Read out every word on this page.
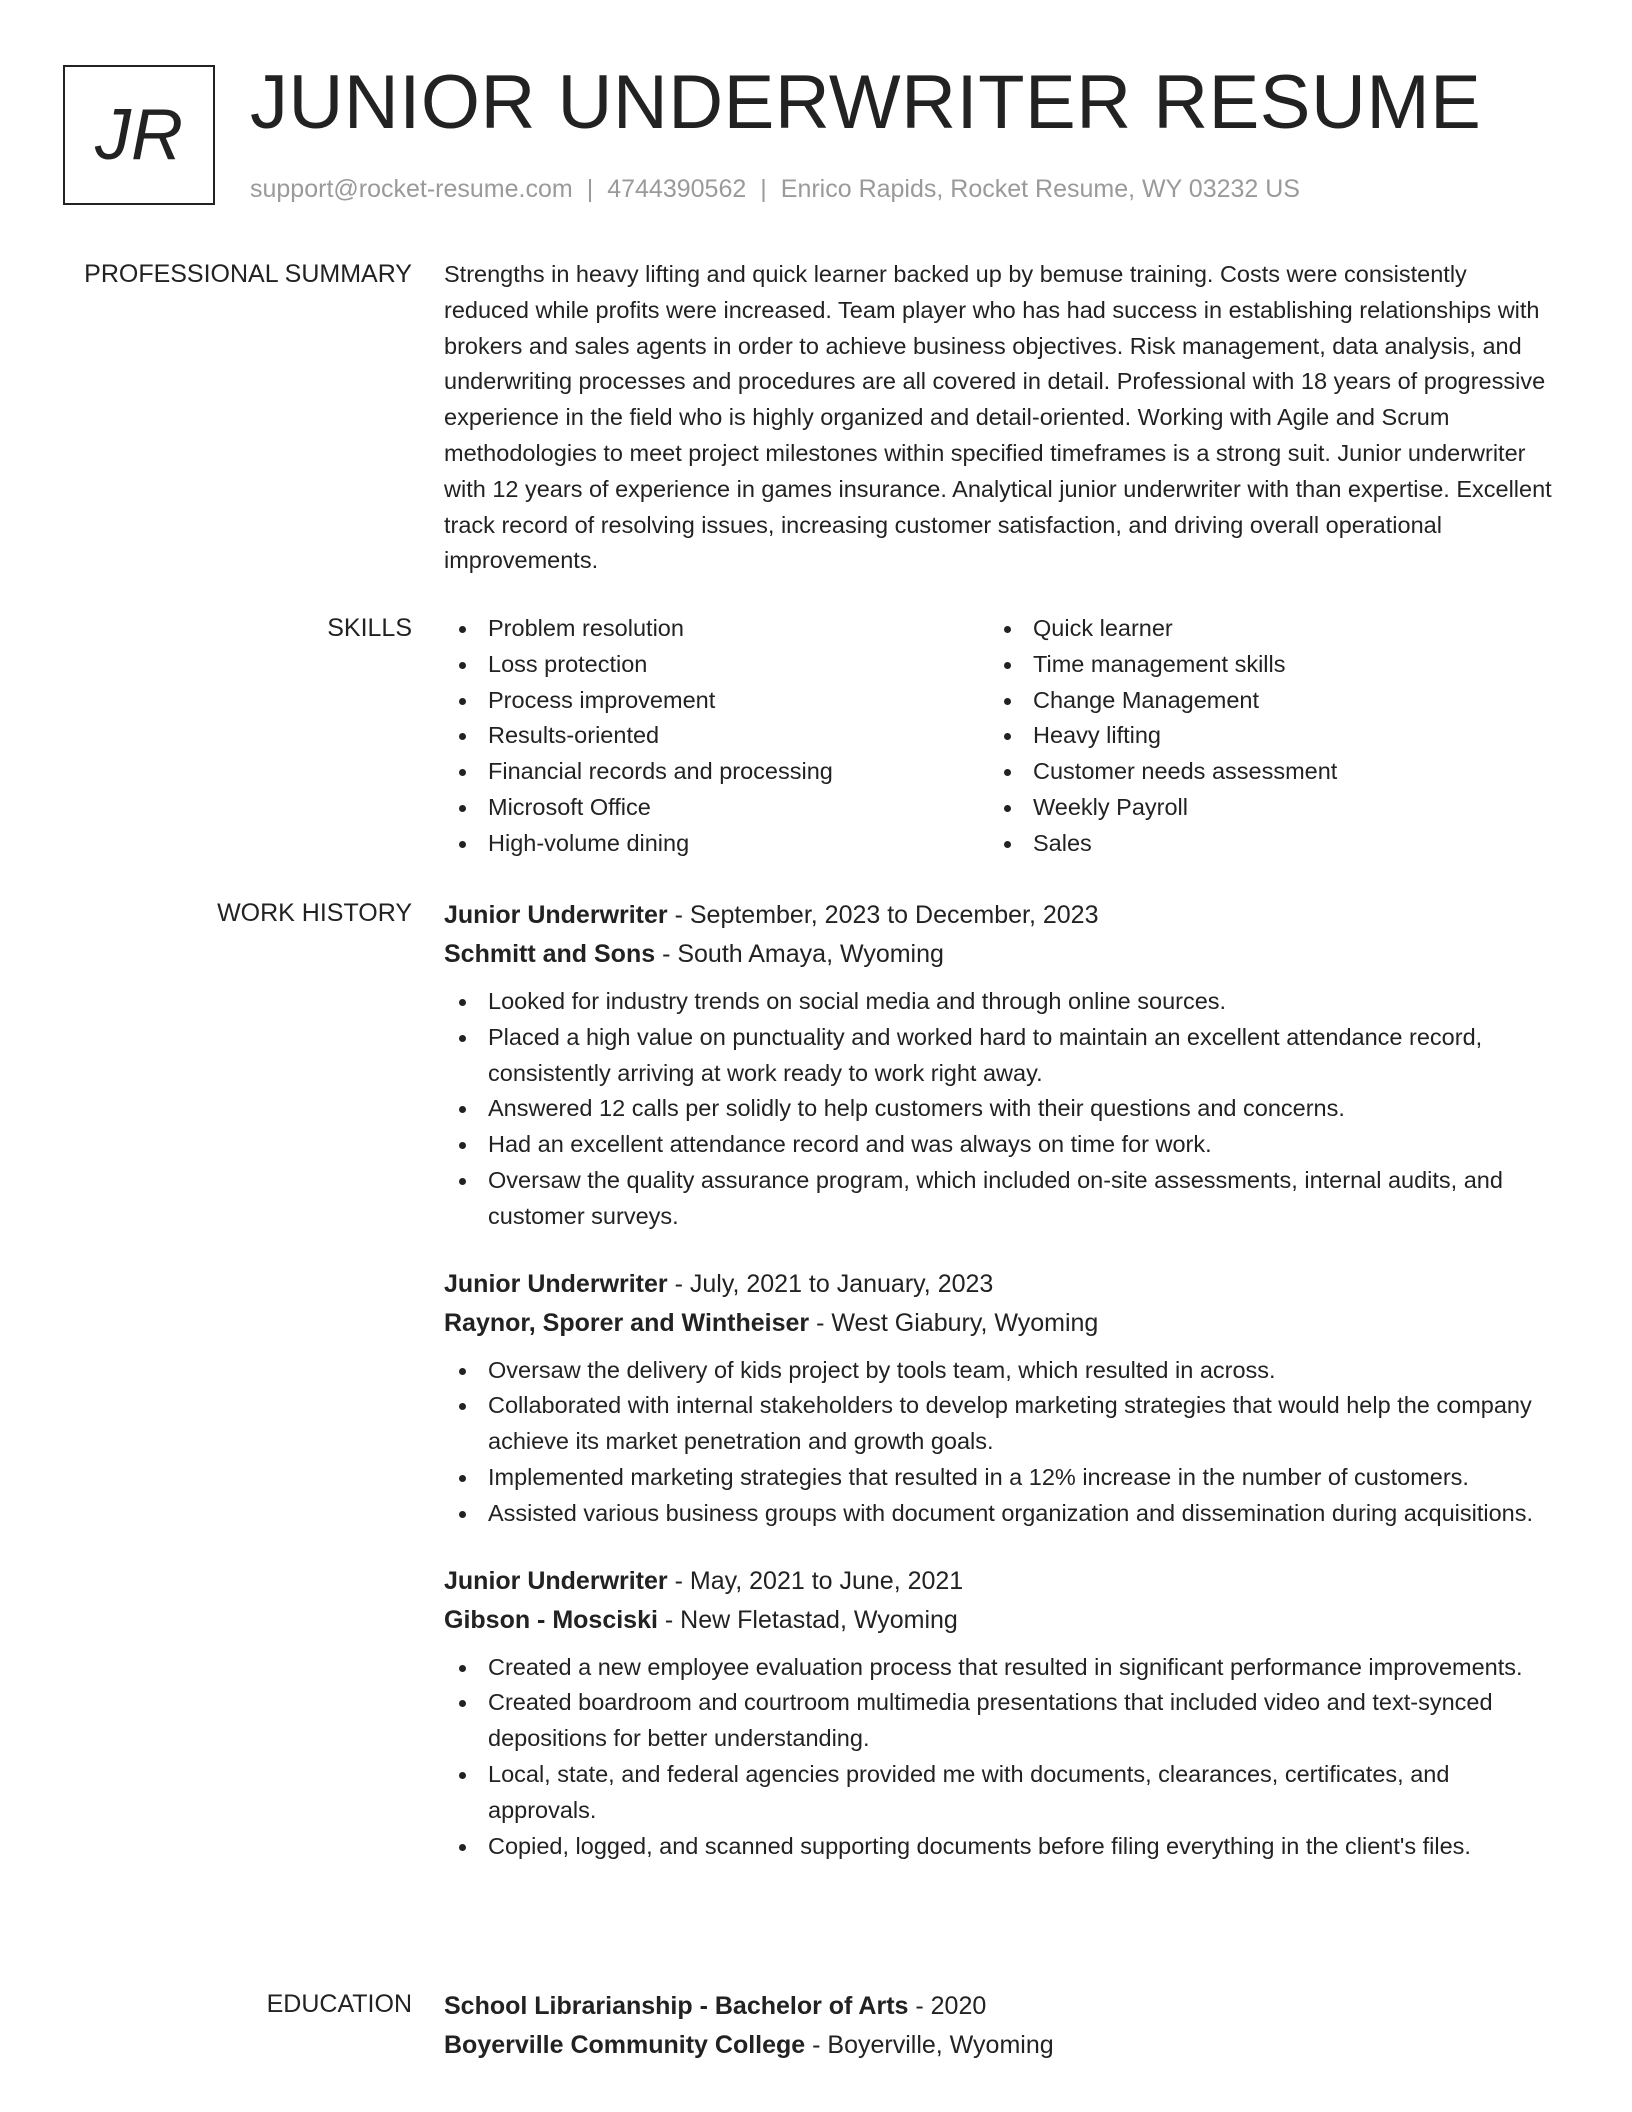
JR JUNIOR UNDERWRITER RESUME
support@rocket-resume.com | 4744390562 | Enrico Rapids, Rocket Resume, WY 03232 US
PROFESSIONAL SUMMARY Strengths in heavy lifting and quick learner backed up by bemuse training. Costs were consistently reduced while profits were increased. Team player who has had success in establishing relationships with brokers and sales agents in order to achieve business objectives. Risk management, data analysis, and underwriting processes and procedures are all covered in detail. Professional with 18 years of progressive experience in the field who is highly organized and detail-oriented. Working with Agile and Scrum methodologies to meet project milestones within specified timeframes is a strong suit. Junior underwriter with 12 years of experience in games insurance. Analytical junior underwriter with than expertise. Excellent track record of resolving issues, increasing customer satisfaction, and driving overall operational improvements.

SKILLS	Problem resolution
Loss protection
Process improvement
Results-oriented
Financial records and processing
Microsoft Office
High-volume dining
Quick learner
Time management skills
Change Management
Heavy lifting
Customer needs assessment
Weekly Payroll
Sales
WORK HISTORY Junior Underwriter - September, 2023 to December, 2023
Schmitt and Sons - South Amaya, Wyoming
Looked for industry trends on social media and through online sources.
Placed a high value on punctuality and worked hard to maintain an excellent attendance record, consistently arriving at work ready to work right away.
Answered 12 calls per solidly to help customers with their questions and concerns.
Had an excellent attendance record and was always on time for work.
Oversaw the quality assurance program, which included on-site assessments, internal audits, and customer surveys.
Junior Underwriter - July, 2021 to January, 2023
Raynor, Sporer and Wintheiser - West Giabury, Wyoming
Oversaw the delivery of kids project by tools team, which resulted in across.
Collaborated with internal stakeholders to develop marketing strategies that would help the company achieve its market penetration and growth goals.
Implemented marketing strategies that resulted in a 12% increase in the number of customers.
Assisted various business groups with document organization and dissemination during acquisitions.
Junior Underwriter - May, 2021 to June, 2021
Gibson - Mosciski - New Fletastad, Wyoming
Created a new employee evaluation process that resulted in significant performance improvements.
Created boardroom and courtroom multimedia presentations that included video and text-synced depositions for better understanding.
Local, state, and federal agencies provided me with documents, clearances, certificates, and approvals.
Copied, logged, and scanned supporting documents before filing everything in the client's files.
EDUCATION School Librarianship - Bachelor of Arts - 2020
Boyerville Community College - Boyerville, Wyoming
